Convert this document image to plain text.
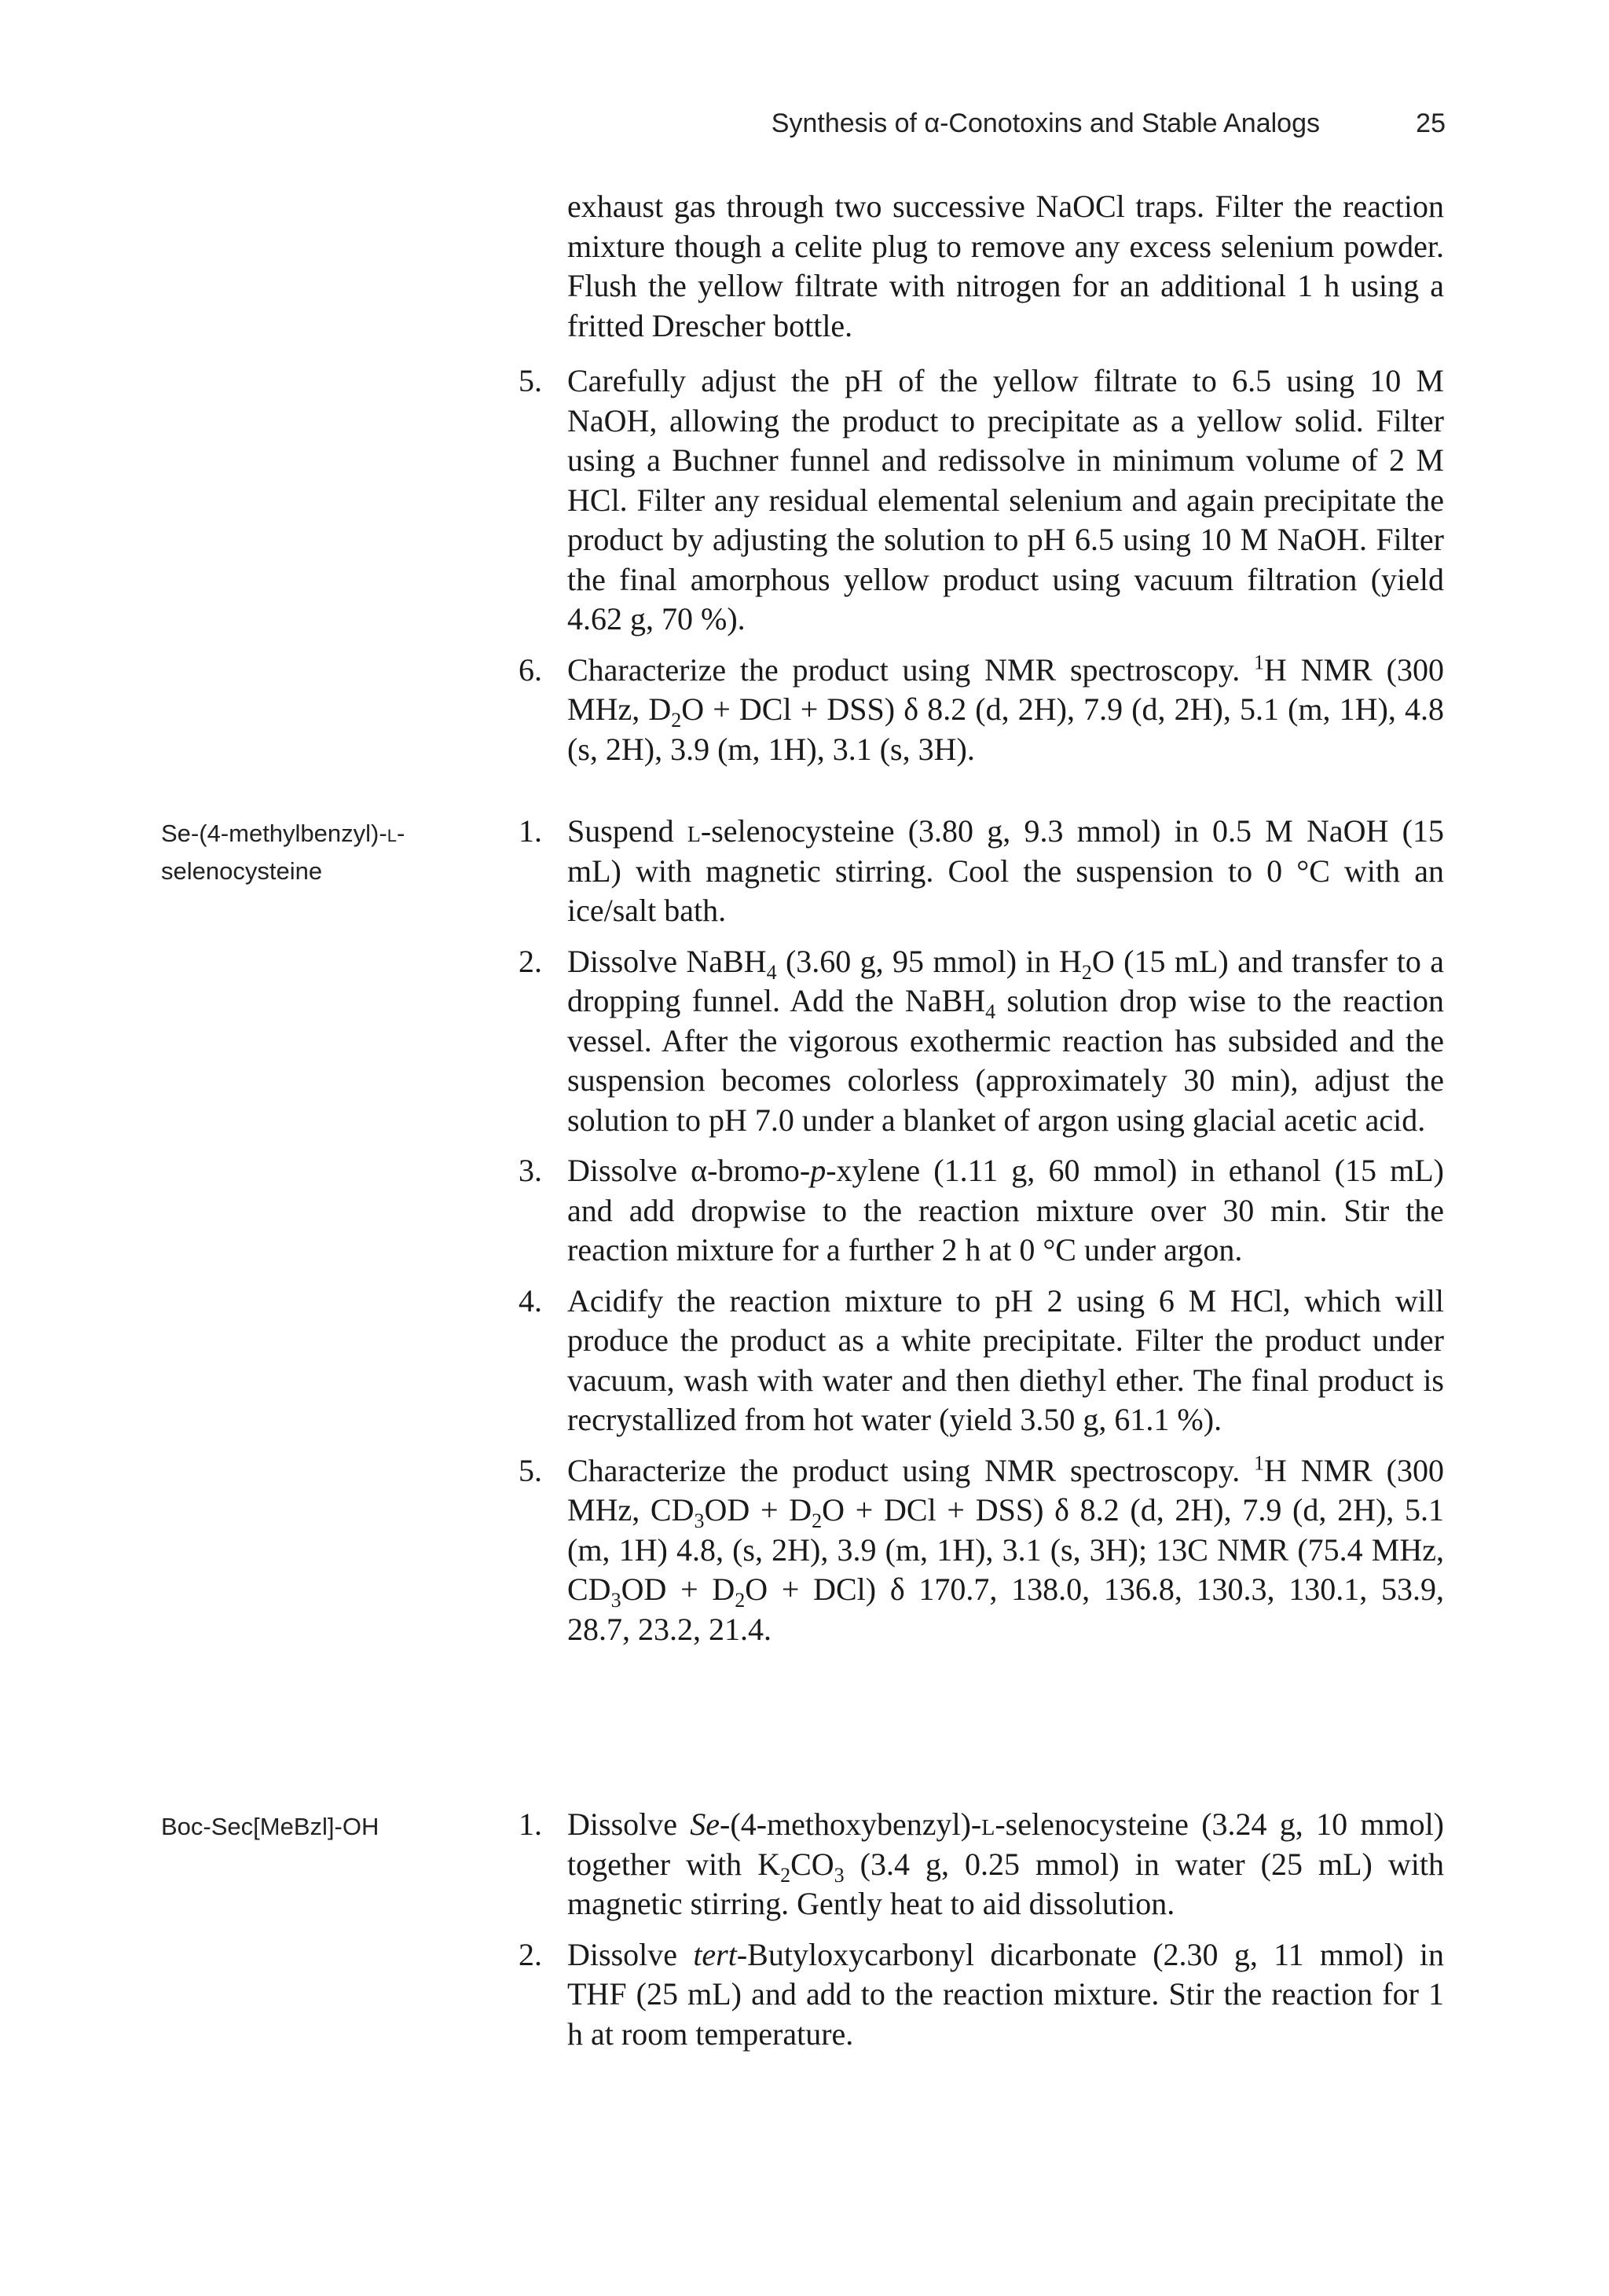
Synthesis of α-Conotoxins and Stable Analogs	25

exhaust gas through two successive NaOCl traps. Filter the reaction mixture though a celite plug to remove any excess selenium powder. Flush the yellow filtrate with nitrogen for an additional 1 h using a fritted Drescher bottle.

5. Carefully adjust the pH of the yellow filtrate to 6.5 using 10 M NaOH, allowing the product to precipitate as a yellow solid. Filter using a Buchner funnel and redissolve in minimum volume of 2 M HCl. Filter any residual elemental selenium and again precipitate the product by adjusting the solution to pH 6.5 using 10 M NaOH. Filter the final amorphous yellow product using vacuum filtration (yield 4.62 g, 70 %).

6. Characterize the product using NMR spectroscopy. $^1$H NMR (300 MHz, $D_2O$ + DCl + DSS) δ 8.2 (d, 2H), 7.9 (d, 2H), 5.1 (m, 1H), 4.8 (s, 2H), 3.9 (m, 1H), 3.1 (s, 3H).

Se-(4-methylbenzyl)-l-selenocysteine
1. Suspend l-selenocysteine (3.80 g, 9.3 mmol) in 0.5 M NaOH (15 mL) with magnetic stirring. Cool the suspension to 0 °C with an ice/salt bath.

2. Dissolve NaBH$_4$ (3.60 g, 95 mmol) in $H_2O$ (15 mL) and transfer to a dropping funnel. Add the NaBH$_4$ solution drop wise to the reaction vessel. After the vigorous exothermic reaction has subsided and the suspension becomes colorless (approximately 30 min), adjust the solution to pH 7.0 under a blanket of argon using glacial acetic acid.

3. Dissolve α-bromo-p-xylene (1.11 g, 60 mmol) in ethanol (15 mL) and add dropwise to the reaction mixture over 30 min. Stir the reaction mixture for a further 2 h at 0 °C under argon.

4. Acidify the reaction mixture to pH 2 using 6 M HCl, which will produce the product as a white precipitate. Filter the product under vacuum, wash with water and then diethyl ether. The final product is recrystallized from hot water (yield 3.50 g, 61.1 %).

5. Characterize the product using NMR spectroscopy. $^1$H NMR (300 MHz, $CD_3OD + D_2O$ + DCl + DSS) δ 8.2 (d, 2H), 7.9 (d, 2H), 5.1 (m, 1H) 4.8, (s, 2H), 3.9 (m, 1H), 3.1 (s, 3H); 13C NMR (75.4 MHz, $CD_3OD + D_2O + DCl$) δ 170.7, 138.0, 136.8, 130.3, 130.1, 53.9, 28.7, 23.2, 21.4.

Boc-Sec[MeBzl]-OH	1. Dissolve Se-(4-methoxybenzyl)-l-selenocysteine (3.24 g, 10 mmol) together with $K_2CO_3$ (3.4 g, 0.25 mmol) in water (25 mL) with magnetic stirring. Gently heat to aid dissolution.

2. Dissolve tert-Butyloxycarbonyl dicarbonate (2.30 g, 11 mmol) in THF (25 mL) and add to the reaction mixture. Stir the reaction for 1 h at room temperature.
